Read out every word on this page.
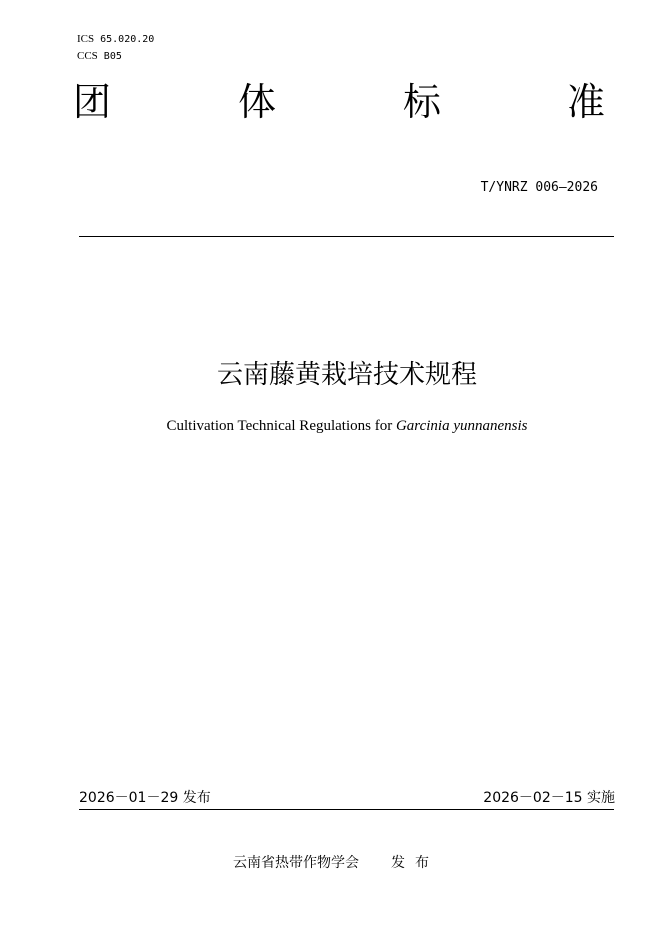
ICS 65.020.20
CCS B05
团	体	标	准
T/YNRZ 006—2026
云南藤黄栽培技术规程
Cultivation Technical Regulations for Garcinia yunnanensis
2026－01－29 发布	2026－02－15 实施
云南省热带作物学会 发布
